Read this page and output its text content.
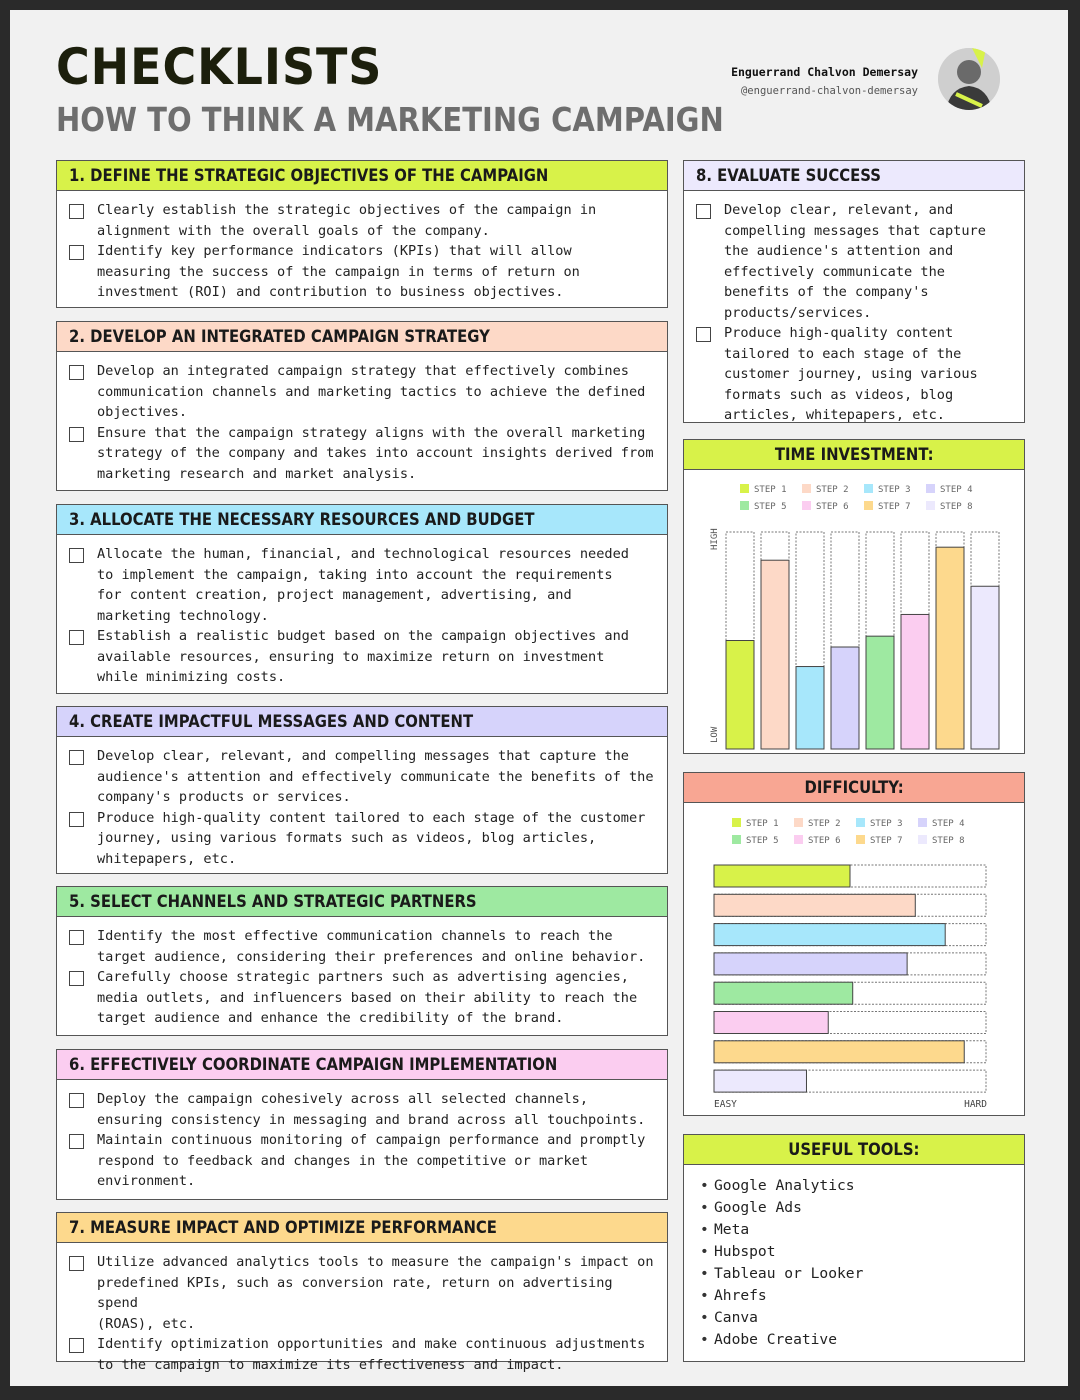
CHECKLISTS
HOW TO THINK A MARKETING CAMPAIGN
Enguerrand Chalvon Demersay
@enguerrand-chalvon-demersay
1. DEFINE THE STRATEGIC OBJECTIVES OF THE CAMPAIGN
Clearly establish the strategic objectives of the campaign in
alignment with the overall goals of the company.
Identify key performance indicators (KPIs) that will allow
measuring the success of the campaign in terms of return on
investment (ROI) and contribution to business objectives.
2. DEVELOP AN INTEGRATED CAMPAIGN STRATEGY
Develop an integrated campaign strategy that effectively combines
communication channels and marketing tactics to achieve the defined
objectives.
Ensure that the campaign strategy aligns with the overall marketing
strategy of the company and takes into account insights derived from
marketing research and market analysis.
3. ALLOCATE THE NECESSARY RESOURCES AND BUDGET
Allocate the human, financial, and technological resources needed
to implement the campaign, taking into account the requirements
for content creation, project management, advertising, and
marketing technology.
Establish a realistic budget based on the campaign objectives and
available resources, ensuring to maximize return on investment
while minimizing costs.
4. CREATE IMPACTFUL MESSAGES AND CONTENT
Develop clear, relevant, and compelling messages that capture the
audience's attention and effectively communicate the benefits of the
company's products or services.
Produce high-quality content tailored to each stage of the customer
journey, using various formats such as videos, blog articles,
whitepapers, etc.
5. SELECT CHANNELS AND STRATEGIC PARTNERS
Identify the most effective communication channels to reach the
target audience, considering their preferences and online behavior.
Carefully choose strategic partners such as advertising agencies,
media outlets, and influencers based on their ability to reach the
target audience and enhance the credibility of the brand.
6. EFFECTIVELY COORDINATE CAMPAIGN IMPLEMENTATION
Deploy the campaign cohesively across all selected channels,
ensuring consistency in messaging and brand across all touchpoints.
Maintain continuous monitoring of campaign performance and promptly
respond to feedback and changes in the competitive or market
environment.
7. MEASURE IMPACT AND OPTIMIZE PERFORMANCE
Utilize advanced analytics tools to measure the campaign's impact on
predefined KPIs, such as conversion rate, return on advertising spend
(ROAS), etc.
Identify optimization opportunities and make continuous adjustments
to the campaign to maximize its effectiveness and impact.
8. EVALUATE SUCCESS
Develop clear, relevant, and
compelling messages that capture
the audience's attention and
effectively communicate the
benefits of the company's
products/services.
Produce high-quality content
tailored to each stage of the
customer journey, using various
formats such as videos, blog
articles, whitepapers, etc.
TIME INVESTMENT:
STEP 1	STEP 2	STEP 3	STEP 4
STEP 5	STEP 6	STEP 7	STEP 8
HIGH
LOW
DIFFICULTY:
STEP 1	STEP 2	STEP 3	STEP 4
STEP 5	STEP 6	STEP 7	STEP 8
EASY	HARD
USEFUL TOOLS:
• Google Analytics
• Google Ads
• Meta
• Hubspot
• Tableau or Looker
• Ahrefs
• Canva
• Adobe Creative
